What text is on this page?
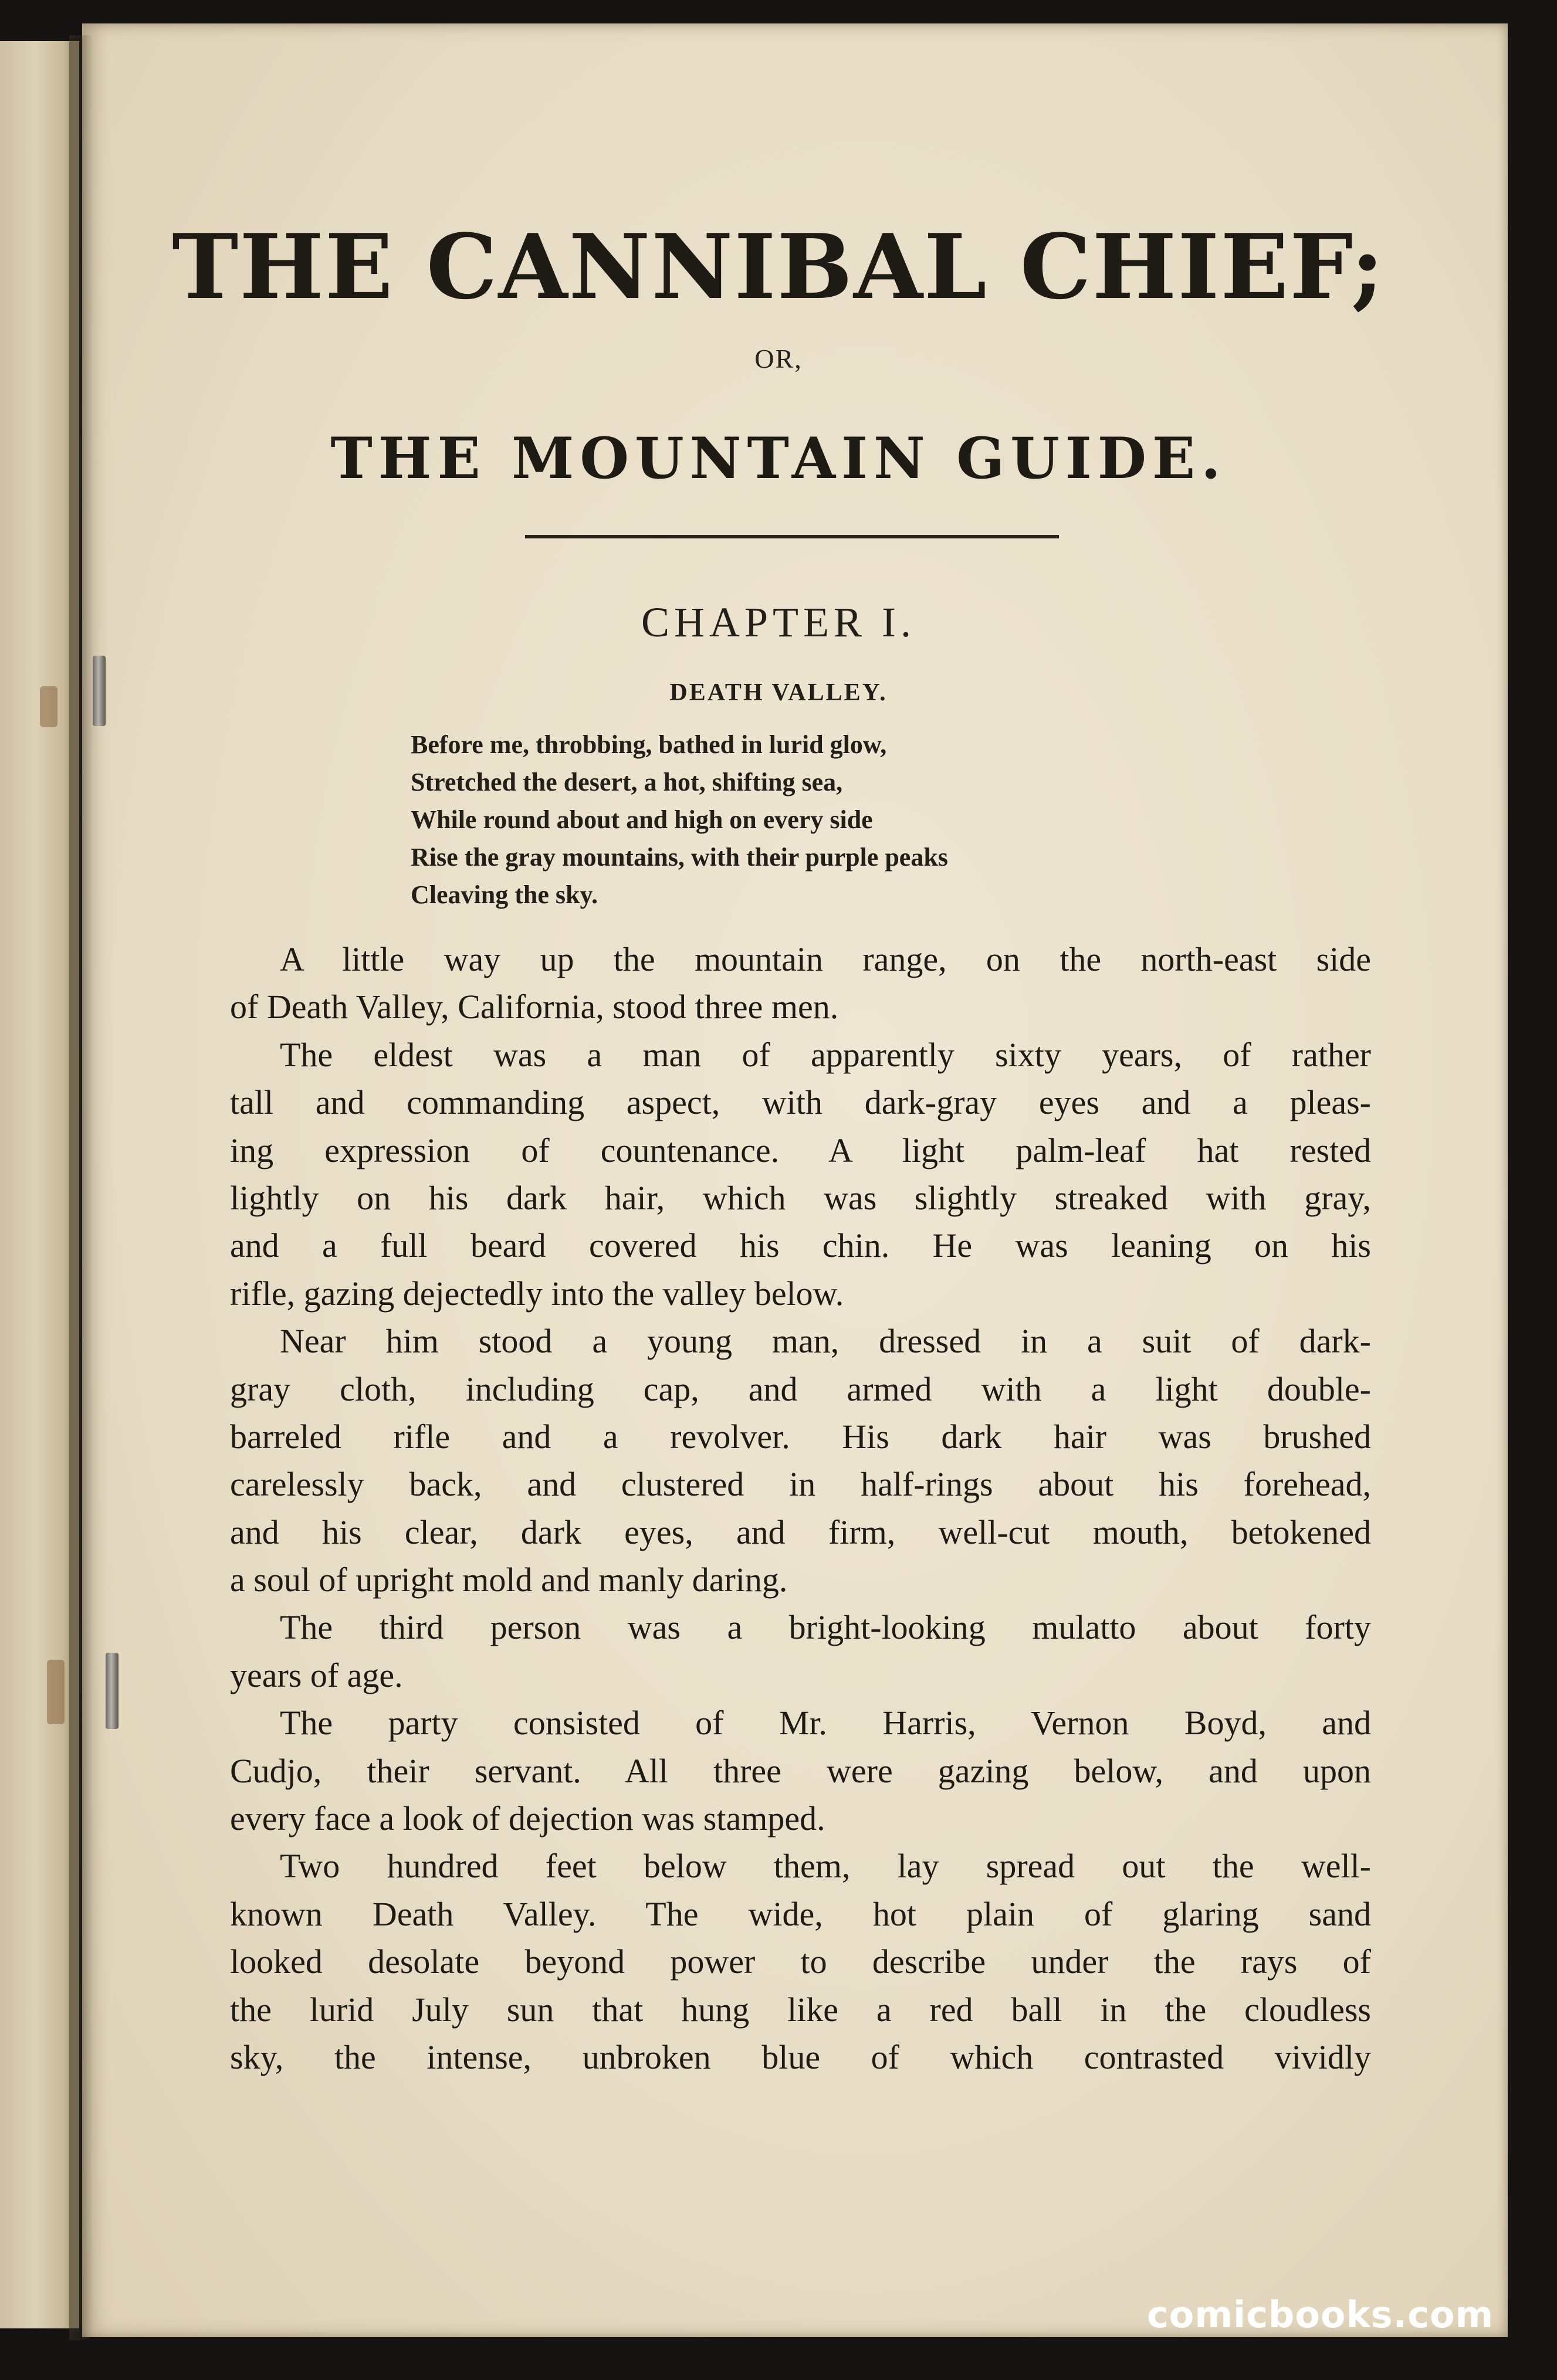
THE CANNIBAL CHIEF;
OR,
THE MOUNTAIN GUIDE.
CHAPTER I.
DEATH VALLEY.
Before me, throbbing, bathed in lurid glow,
Stretched the desert, a hot, shifting sea,
While round about and high on every side
Rise the gray mountains, with their purple peaks
Cleaving the sky.
A little way up the mountain range, on the north-east side
of Death Valley, California, stood three men.
The eldest was a man of apparently sixty years, of rather
tall and commanding aspect, with dark-gray eyes and a pleas-
ing expression of countenance. A light palm-leaf hat rested
lightly on his dark hair, which was slightly streaked with gray,
and a full beard covered his chin. He was leaning on his
rifle, gazing dejectedly into the valley below.
Near him stood a young man, dressed in a suit of dark-
gray cloth, including cap, and armed with a light double-
barreled rifle and a revolver. His dark hair was brushed
carelessly back, and clustered in half-rings about his forehead,
and his clear, dark eyes, and firm, well-cut mouth, betokened
a soul of upright mold and manly daring.
The third person was a bright-looking mulatto about forty
years of age.
The party consisted of Mr. Harris, Vernon Boyd, and
Cudjo, their servant. All three were gazing below, and upon
every face a look of dejection was stamped.
Two hundred feet below them, lay spread out the well-
known Death Valley. The wide, hot plain of glaring sand
looked desolate beyond power to describe under the rays of
the lurid July sun that hung like a red ball in the cloudless
sky, the intense, unbroken blue of which contrasted vividly
comicbooks.com
